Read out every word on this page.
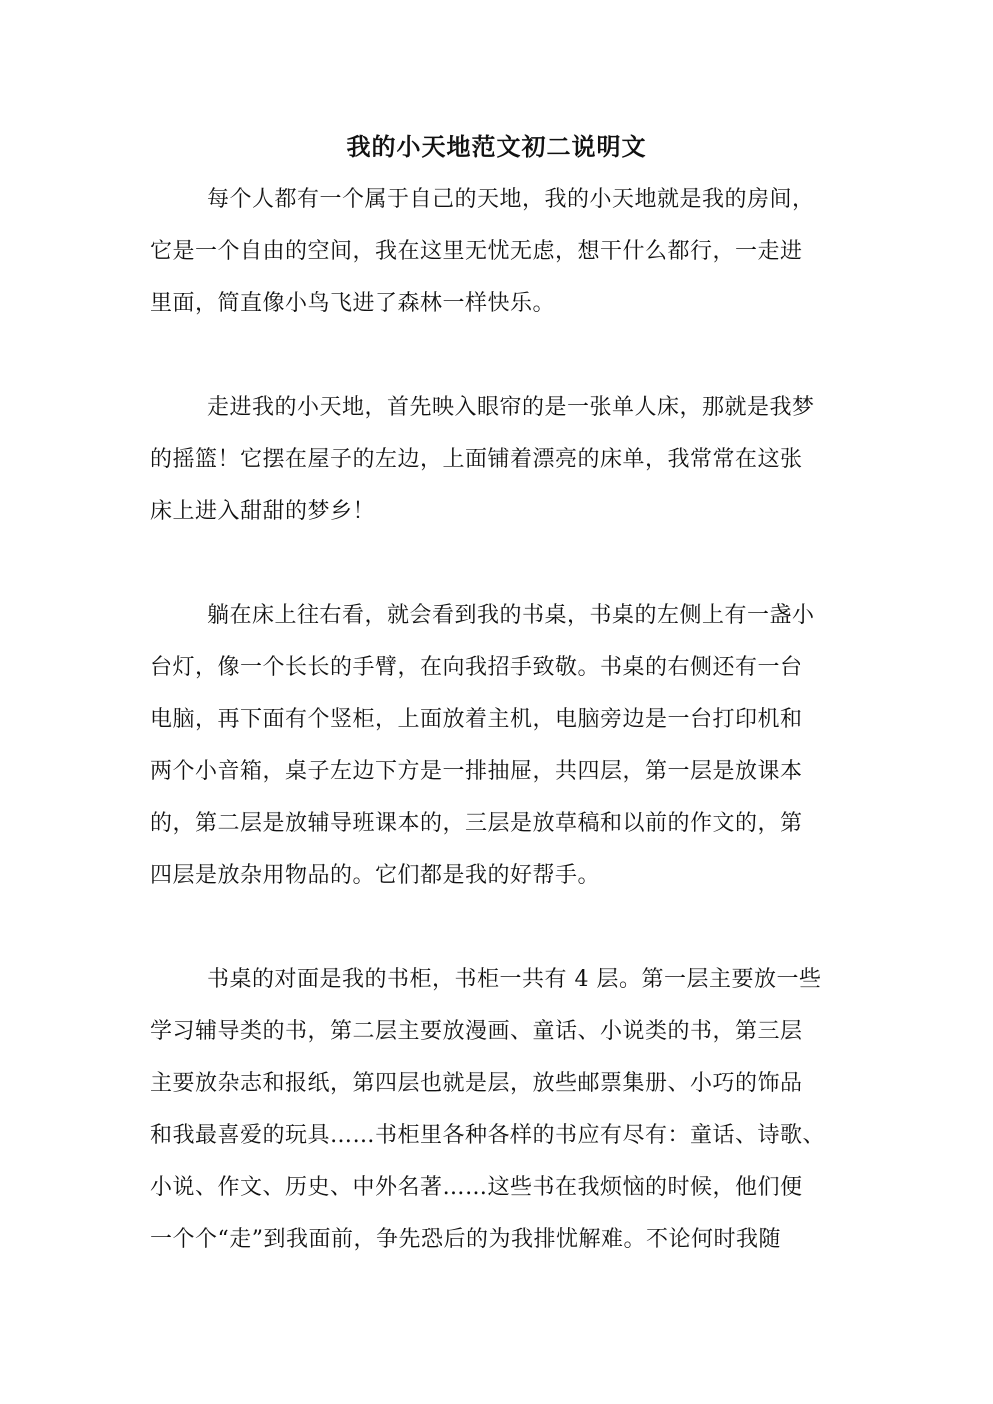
我的小天地范文初二说明文
每个人都有一个属于自己的天地，我的小天地就是我的房间，
它是一个自由的空间，我在这里无忧无虑，想干什么都行，一走进
里面，简直像小鸟飞进了森林一样快乐。
走进我的小天地，首先映入眼帘的是一张单人床，那就是我梦
的摇篮！它摆在屋子的左边，上面铺着漂亮的床单，我常常在这张
床上进入甜甜的梦乡！
躺在床上往右看，就会看到我的书桌，书桌的左侧上有一盏小
台灯，像一个长长的手臂，在向我招手致敬。书桌的右侧还有一台
电脑，再下面有个竖柜，上面放着主机，电脑旁边是一台打印机和
两个小音箱，桌子左边下方是一排抽屉，共四层，第一层是放课本
的，第二层是放辅导班课本的，三层是放草稿和以前的作文的，第
四层是放杂用物品的。它们都是我的好帮手。
书桌的对面是我的书柜，书柜一共有 4 层。第一层主要放一些
学习辅导类的书，第二层主要放漫画、童话、小说类的书，第三层
主要放杂志和报纸，第四层也就是层，放些邮票集册、小巧的饰品
和我最喜爱的玩具……书柜里各种各样的书应有尽有：童话、诗歌、
小说、作文、历史、中外名著……这些书在我烦恼的时候，他们便
一个个“走”到我面前，争先恐后的为我排忧解难。不论何时我随
